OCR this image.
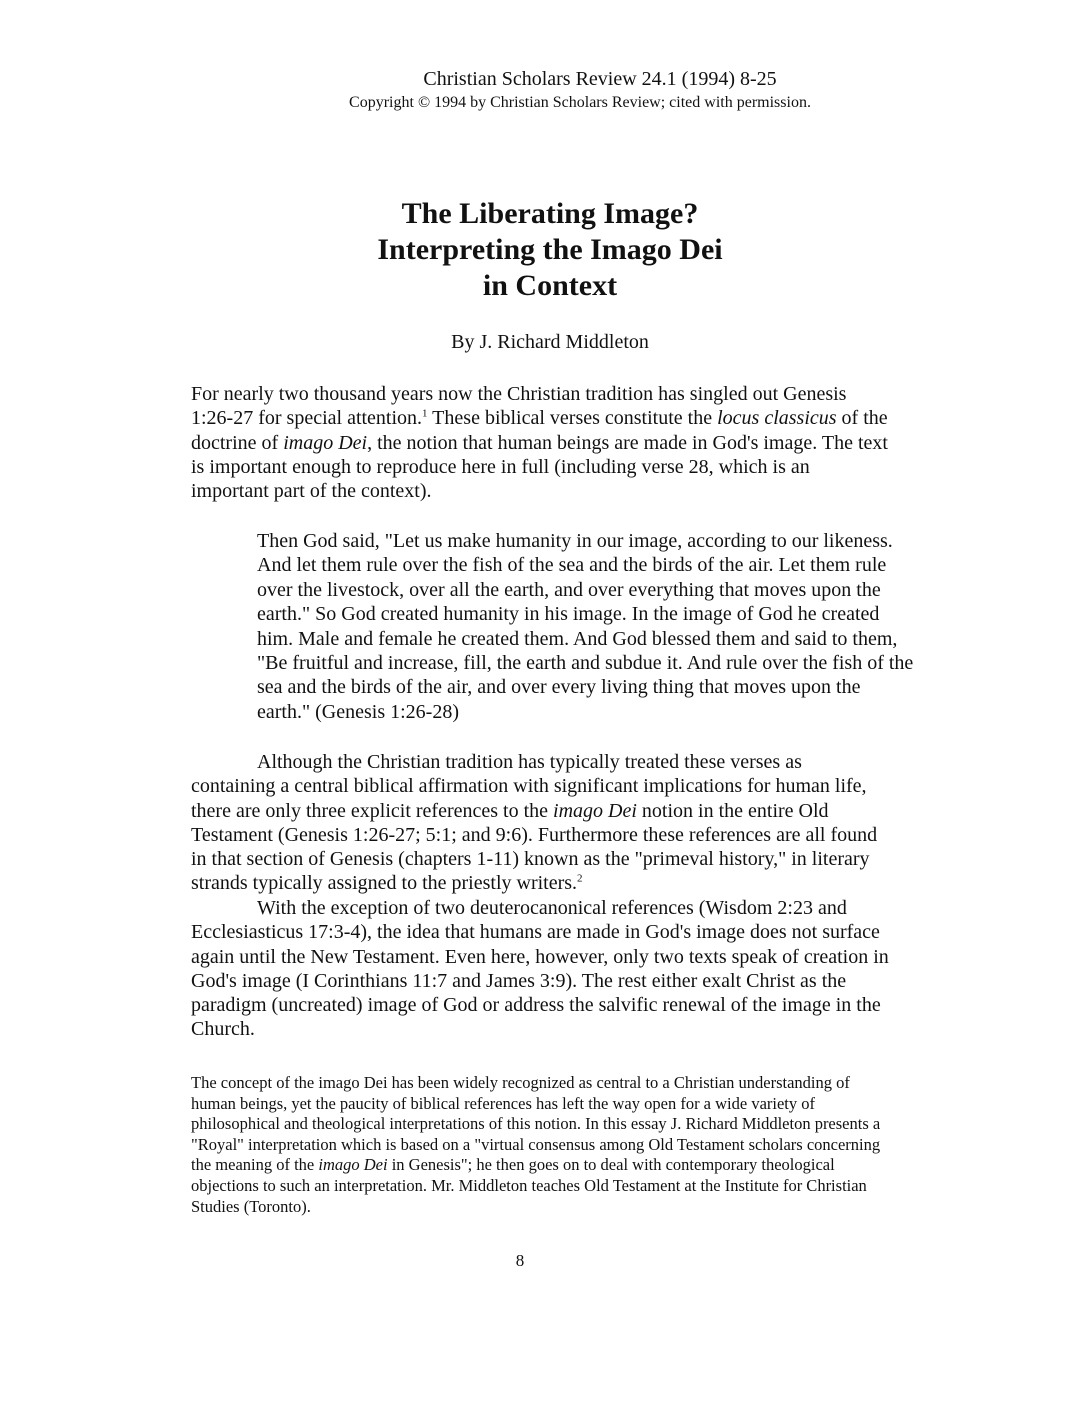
Christian Scholars Review 24.1 (1994) 8-25
Copyright © 1994 by Christian Scholars Review; cited with permission.
The Liberating Image?
Interpreting the Imago Dei
in Context
By J. Richard Middleton

For nearly two thousand years now the Christian tradition has singled out Genesis 1:26-27 for special attention.$^1$ These biblical verses constitute the locus classicus of the doctrine of imago Dei, the notion that human beings are made in God's image. The text is important enough to reproduce here in full (including verse 28, which is an important part of the context).

Then God said, "Let us make humanity in our image, according to our likeness. And let them rule over the fish of the sea and the birds of the air. Let them rule over the livestock, over all the earth, and over everything that moves upon the earth." So God created humanity in his image. In the image of God he created him. Male and female he created them. And God blessed them and said to them, "Be fruitful and increase, fill, the earth and subdue it. And rule over the fish of the sea and the birds of the air, and over every living thing that moves upon the earth." (Genesis 1:26-28)

Although the Christian tradition has typically treated these verses as containing a central biblical affirmation with significant implications for human life, there are only three explicit references to the imago Dei notion in the entire Old Testament (Genesis 1:26-27; 5:1; and 9:6). Furthermore these references are all found in that section of Genesis (chapters 1-11) known as the "primeval history," in literary strands typically assigned to the priestly writers.$^2$

With the exception of two deuterocanonical references (Wisdom 2:23 and Ecclesiasticus 17:3-4), the idea that humans are made in God's image does not surface again until the New Testament. Even here, however, only two texts speak of creation in God's image (I Corinthians 11:7 and James 3:9). The rest either exalt Christ as the paradigm (uncreated) image of God or address the salvific renewal of the image in the Church.

The concept of the imago Dei has been widely recognized as central to a Christian understanding of human beings, yet the paucity of biblical references has left the way open for a wide variety of philosophical and theological interpretations of this notion. In this essay J. Richard Middleton presents a "Royal" interpretation which is based on a "virtual consensus among Old Testament scholars concerning the meaning of the imago Dei in Genesis"; he then goes on to deal with contemporary theological objections to such an interpretation. Mr. Middleton teaches Old Testament at the Institute for Christian Studies (Toronto).

8
